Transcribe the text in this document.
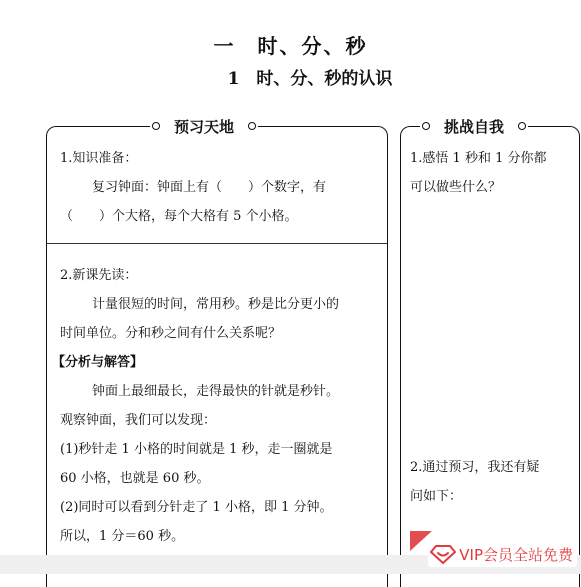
一　时、分、秒
1　时、分、秒的认识
预习天地
1.知识准备：
复习钟面：钟面上有（　　）个数字，有
（　　）个大格，每个大格有 5 个小格。
2.新课先读：
计量很短的时间，常用秒。秒是比分更小的
时间单位。分和秒之间有什么关系呢？
【分析与解答】
钟面上最细最长，走得最快的针就是秒针。
观察钟面，我们可以发现：
(1)秒针走 1 小格的时间就是 1 秒，走一圈就是
60 小格，也就是 60 秒。
(2)同时可以看到分针走了 1 小格，即 1 分钟。
所以，1 分＝60 秒。
挑战自我
1.感悟 1 秒和 1 分你都
可以做些什么？
2.通过预习，我还有疑
问如下：
VIP会员全站免费
